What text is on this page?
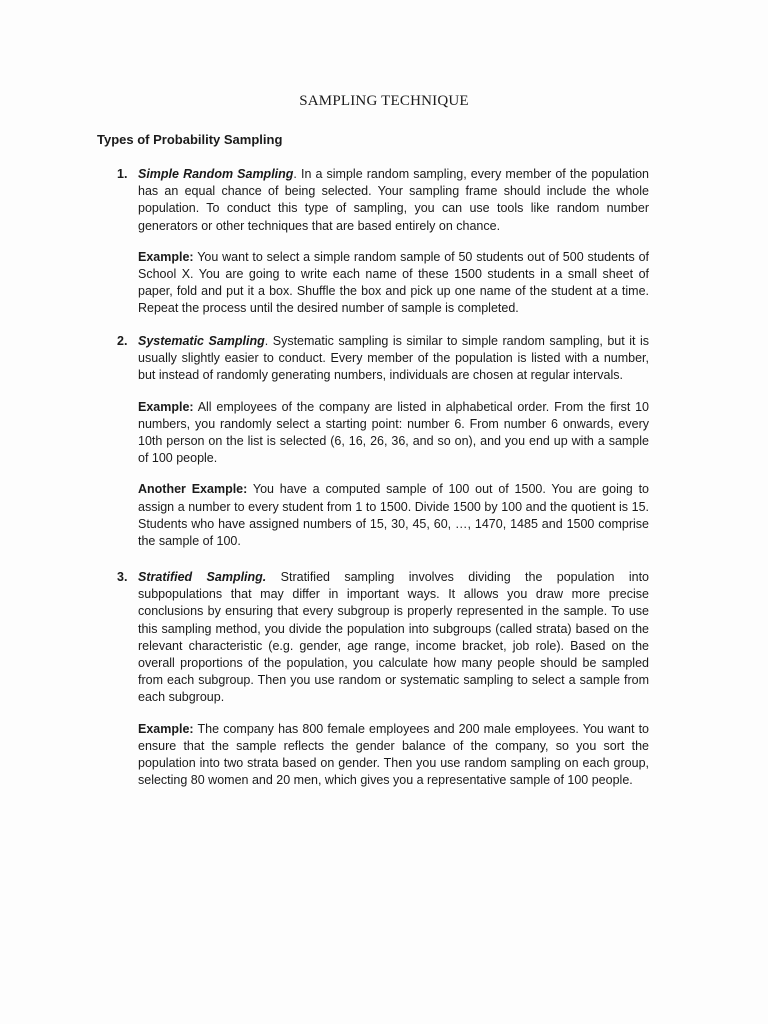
SAMPLING TECHNIQUE
Types of Probability Sampling
1. Simple Random Sampling. In a simple random sampling, every member of the population has an equal chance of being selected. Your sampling frame should include the whole population. To conduct this type of sampling, you can use tools like random number generators or other techniques that are based entirely on chance.

Example: You want to select a simple random sample of 50 students out of 500 students of School X. You are going to write each name of these 1500 students in a small sheet of paper, fold and put it a box. Shuffle the box and pick up one name of the student at a time. Repeat the process until the desired number of sample is completed.

2. Systematic Sampling. Systematic sampling is similar to simple random sampling, but it is usually slightly easier to conduct. Every member of the population is listed with a number, but instead of randomly generating numbers, individuals are chosen at regular intervals.

Example: All employees of the company are listed in alphabetical order. From the first 10 numbers, you randomly select a starting point: number 6. From number 6 onwards, every 10th person on the list is selected (6, 16, 26, 36, and so on), and you end up with a sample of 100 people.

Another Example: You have a computed sample of 100 out of 1500. You are going to assign a number to every student from 1 to 1500. Divide 1500 by 100 and the quotient is 15. Students who have assigned numbers of 15, 30, 45, 60, …, 1470, 1485 and 1500 comprise the sample of 100.

3. Stratified Sampling. Stratified sampling involves dividing the population into subpopulations that may differ in important ways. It allows you draw more precise conclusions by ensuring that every subgroup is properly represented in the sample. To use this sampling method, you divide the population into subgroups (called strata) based on the relevant characteristic (e.g. gender, age range, income bracket, job role). Based on the overall proportions of the population, you calculate how many people should be sampled from each subgroup. Then you use random or systematic sampling to select a sample from each subgroup.

Example: The company has 800 female employees and 200 male employees. You want to ensure that the sample reflects the gender balance of the company, so you sort the population into two strata based on gender. Then you use random sampling on each group, selecting 80 women and 20 men, which gives you a representative sample of 100 people.
